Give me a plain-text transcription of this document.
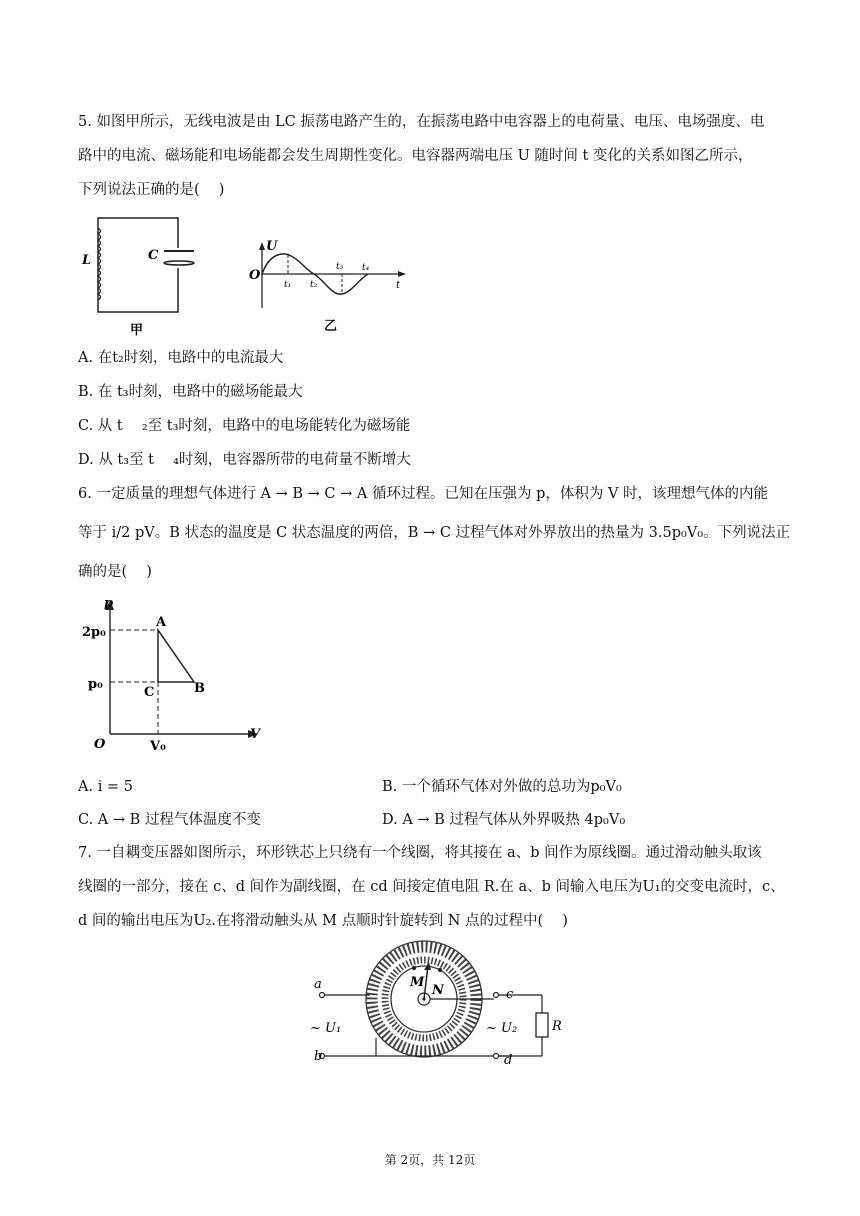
5. 如图甲所示，无线电波是由 LC 振荡电路产生的，在振荡电路中电容器上的电荷量、电压、电场强度、电
路中的电流、磁场能和电场能都会发生周期性变化。电容器两端电压 U 随时间 t 变化的关系如图乙所示，
下列说法正确的是(　 )
L	C
甲
U
O
t₁ t₂
t₃ t₄
t
乙
A. 在t₂时刻，电路中的电流最大
B. 在 t₃时刻，电路中的磁场能最大
C. 从 t　 ₂至 t₃时刻，电路中的电场能转化为磁场能
D. 从 t₃至 t　 ₄时刻，电容器所带的电荷量不断增大
6. 一定质量的理想气体进行 A → B → C → A 循环过程。已知在压强为 p，体积为 V 时，该理想气体的内能
等于 i/2 pV。B 状态的温度是 C 状态温度的两倍，B → C 过程气体对外界放出的热量为 3.5p₀V₀。下列说法正
确的是(　 )
p
V
O
2p₀
p₀
V₀
A
B
C
A. i = 5	B. 一个循环气体对外做的总功为p₀V₀
C. A → B 过程气体温度不变	D. A → B 过程气体从外界吸热 4p₀V₀
7. 一自耦变压器如图所示，环形铁芯上只绕有一个线圈，将其接在 a、b 间作为原线圈。通过滑动触头取该
线圈的一部分，接在 c、d 间作为副线圈，在 cd 间接定值电阻 R.在 a、b 间输入电压为U₁的交变电流时，c、
d 间的输出电压为U₂.在将滑动触头从 M 点顺时针旋转到 N 点的过程中(　 )
M
N
a
b
c
d
R
~ U₁	~ U₂
第 2页，共 12页
